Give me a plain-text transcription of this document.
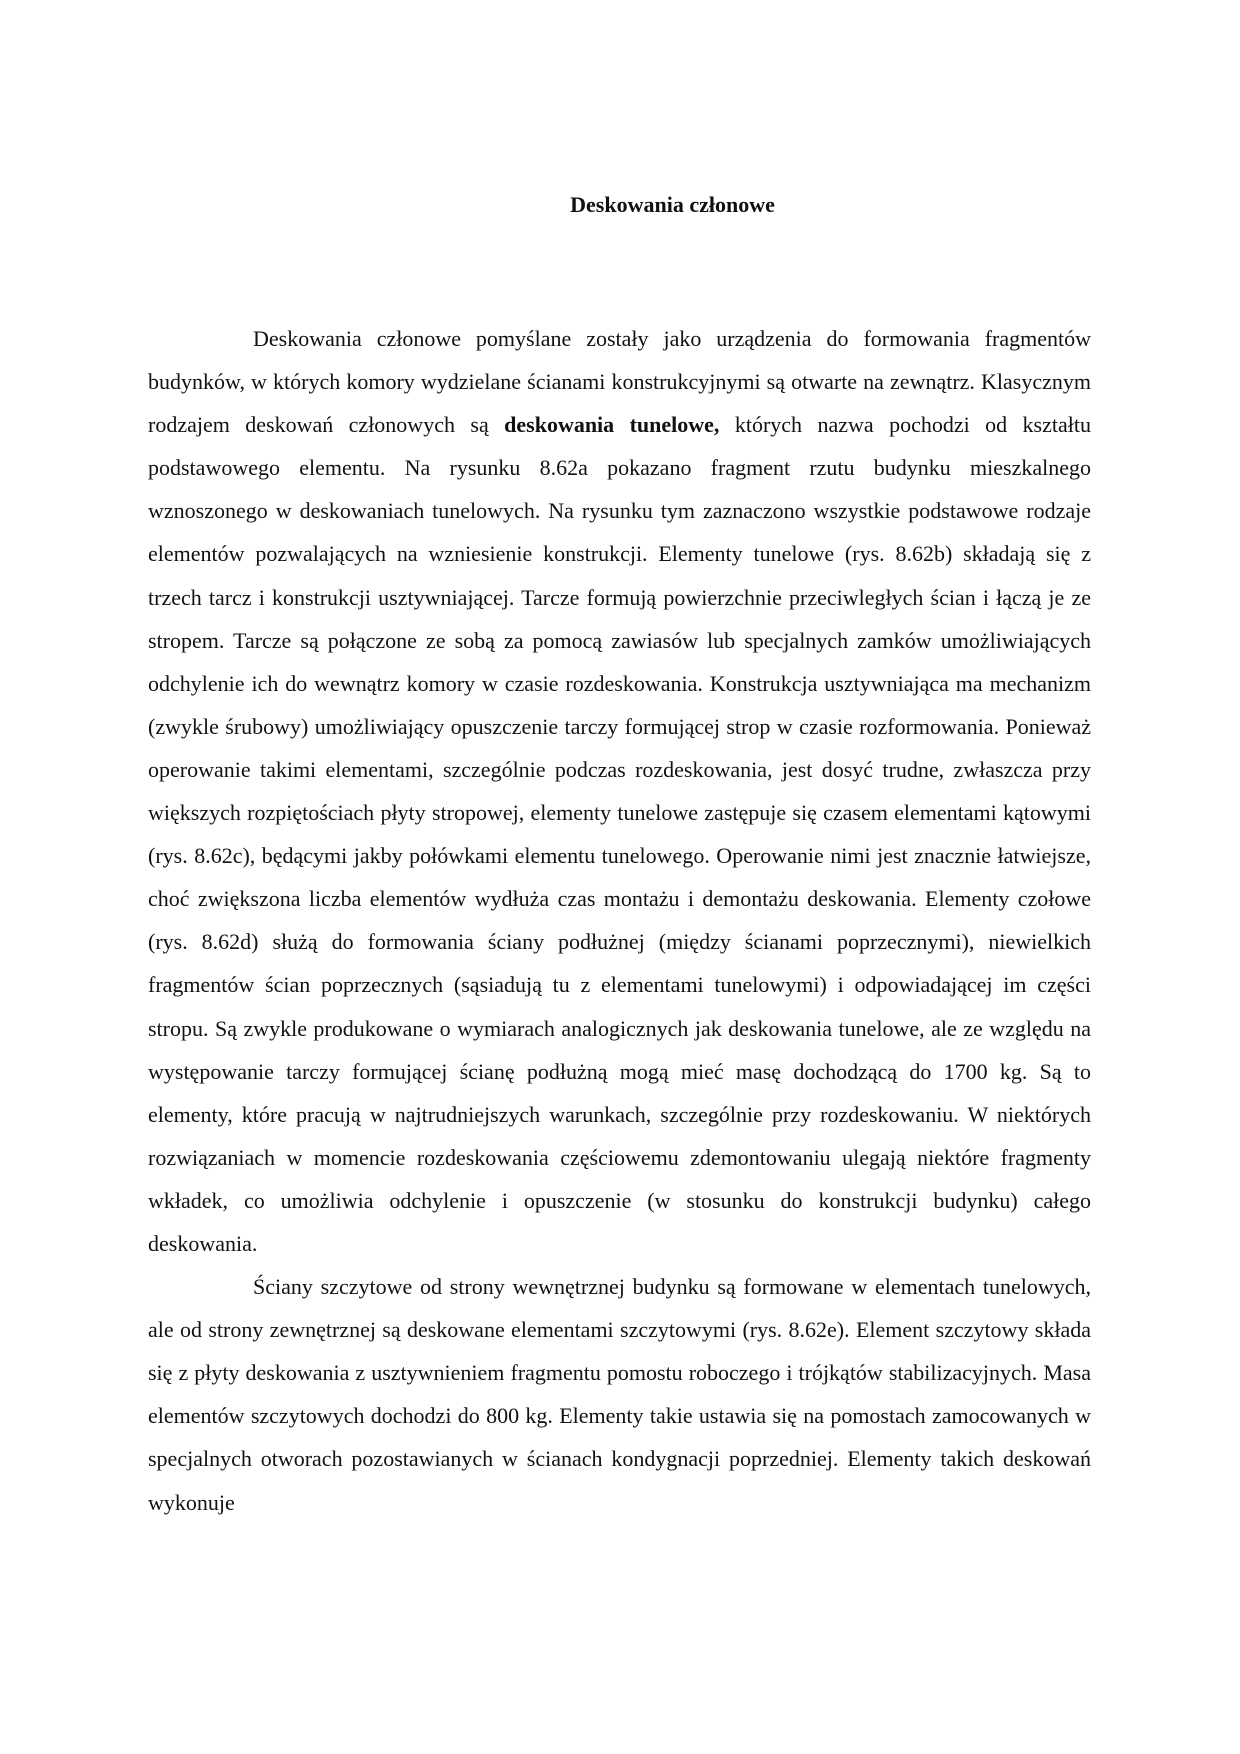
Deskowania członowe

Deskowania członowe pomyślane zostały jako urządzenia do formowania fragmentów budynków, w których komory wydzielane ścianami konstrukcyjnymi są otwarte na zewnątrz. Klasycznym rodzajem deskowań członowych są deskowania tunelowe, których nazwa pochodzi od kształtu podstawowego elementu. Na rysunku 8.62a pokazano fragment rzutu budynku mieszkalnego wznoszonego w deskowaniach tunelowych. Na rysunku tym zaznaczono wszystkie podstawowe rodzaje elementów pozwalających na wzniesienie konstrukcji. Elementy tunelowe (rys. 8.62b) składają się z trzech tarcz i konstrukcji usztywniającej. Tarcze formują powierzchnie przeciwległych ścian i łączą je ze stropem. Tarcze są połączone ze sobą za pomocą zawiasów lub specjalnych zamków umożliwiających odchylenie ich do wewnątrz komory w czasie rozdeskowania. Konstrukcja usztywniająca ma mechanizm (zwykle śrubowy) umożliwiający opuszczenie tarczy formującej strop w czasie rozformowania. Ponieważ operowanie takimi elementami, szczególnie podczas rozdeskowania, jest dosyć trudne, zwłaszcza przy większych rozpiętościach płyty stropowej, elementy tunelowe zastępuje się czasem elementami kątowymi (rys. 8.62c), będącymi jakby połówkami elementu tunelowego. Operowanie nimi jest znacznie łatwiejsze, choć zwiększona liczba elementów wydłuża czas montażu i demontażu deskowania. Elementy czołowe (rys. 8.62d) służą do formowania ściany podłużnej (między ścianami poprzecznymi), niewielkich fragmentów ścian poprzecznych (sąsiadują tu z elementami tunelowymi) i odpowiadającej im części stropu. Są zwykle produkowane o wymiarach analogicznych jak deskowania tunelowe, ale ze względu na występowanie tarczy formującej ścianę podłużną mogą mieć masę dochodzącą do 1700 kg. Są to elementy, które pracują w najtrudniejszych warunkach, szczególnie przy rozdeskowaniu. W niektórych rozwiązaniach w momencie rozdeskowania częściowemu zdemontowaniu ulegają niektóre fragmenty wkładek, co umożliwia odchylenie i opuszczenie (w stosunku do konstrukcji budynku) całego deskowania.

Ściany szczytowe od strony wewnętrznej budynku są formowane w elementach tunelowych, ale od strony zewnętrznej są deskowane elementami szczytowymi (rys. 8.62e). Element szczytowy składa się z płyty deskowania z usztywnieniem fragmentu pomostu roboczego i trójkątów stabilizacyjnych. Masa elementów szczytowych dochodzi do 800 kg. Elementy takie ustawia się na pomostach zamocowanych w specjalnych otworach pozostawianych w ścianach kondygnacji poprzedniej. Elementy takich deskowań wykonuje
